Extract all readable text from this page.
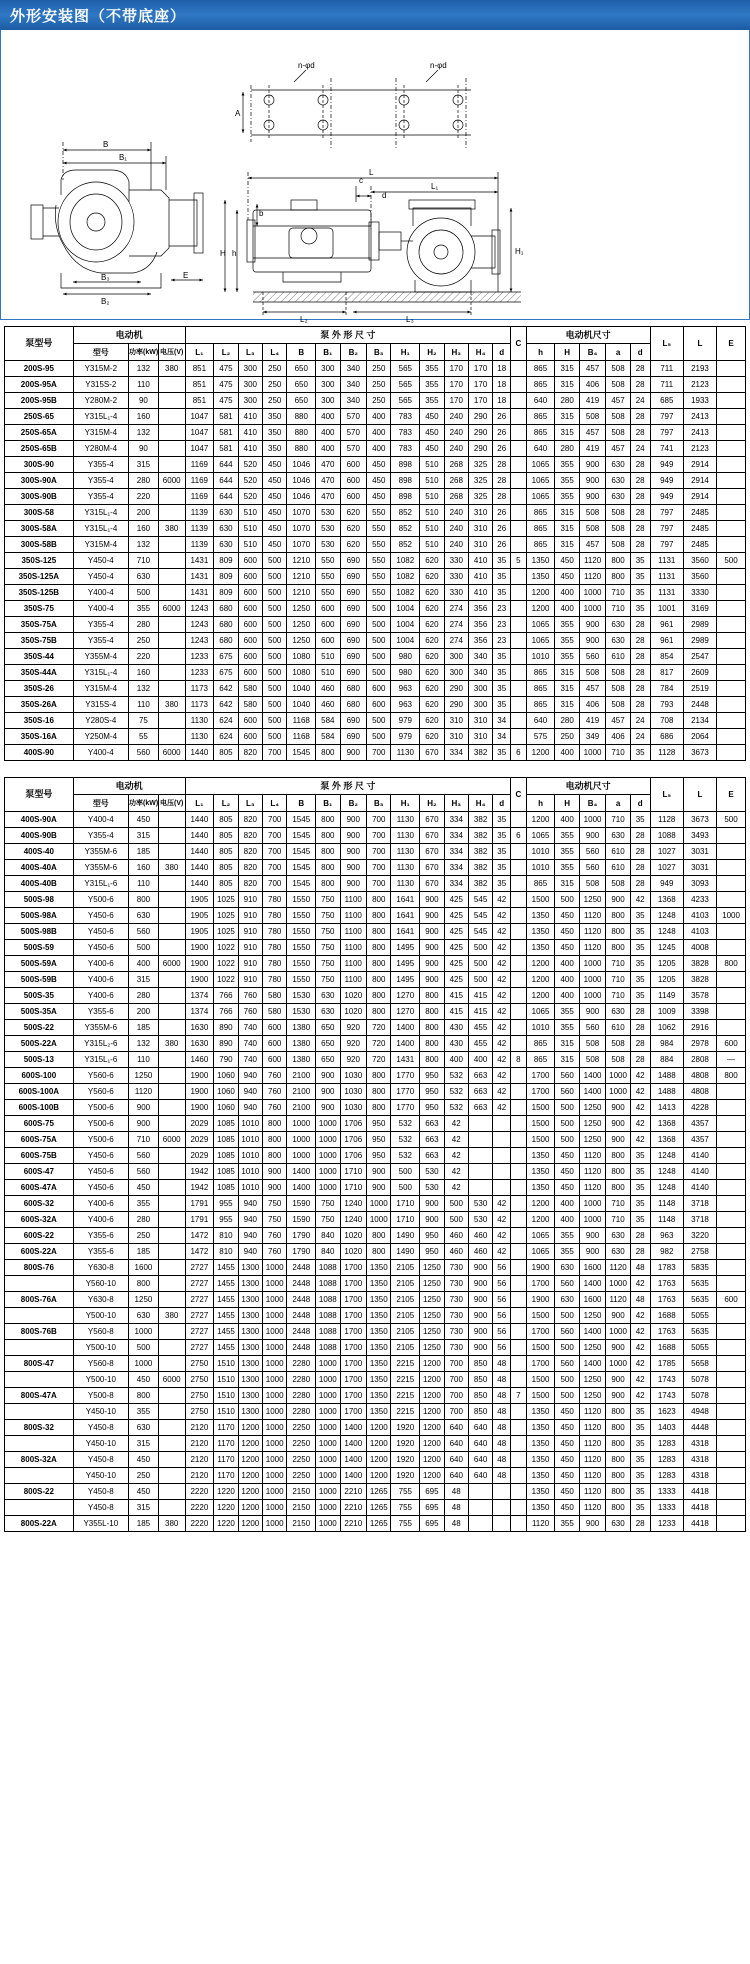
外形安装图（不带底座）
n-φd	n-φd
A
B
B₁
B₃
B₂
E
L
L₁
c
d
b
H h
L₂	L₃
H₁
泵型号	电动机			泵 外 形 尺 寸													C	电动机尺寸					L₅	L	E
	型号	功率(kW)	电压(V)	L₁	L₂	L₃	L₄	B	B₁	B₂	B₃	H₁	H₂	H₃	H₄	d		h	H	B₄	a	d			
200S-95	Y315M-2	132	380	851	475	300	250	650	300	340	250	565	355	170	170	18		865	315	457	508	28	711	2193	
200S-95A	Y315S-2	110		851	475	300	250	650	300	340	250	565	355	170	170	18		865	315	406	508	28	711	2123	
200S-95B	Y280M-2	90		851	475	300	250	650	300	340	250	565	355	170	170	18		640	280	419	457	24	685	1933	
250S-65	Y315L₁-4	160		1047	581	410	350	880	400	570	400	783	450	240	290	26		865	315	508	508	28	797	2413	
250S-65A	Y315M-4	132		1047	581	410	350	880	400	570	400	783	450	240	290	26		865	315	457	508	28	797	2413	
250S-65B	Y280M-4	90		1047	581	410	350	880	400	570	400	783	450	240	290	26		640	280	419	457	24	741	2123	
300S-90	Y355-4	315		1169	644	520	450	1046	470	600	450	898	510	268	325	28		1065	355	900	630	28	949	2914	
300S-90A	Y355-4	280	6000	1169	644	520	450	1046	470	600	450	898	510	268	325	28		1065	355	900	630	28	949	2914	
300S-90B	Y355-4	220		1169	644	520	450	1046	470	600	450	898	510	268	325	28		1065	355	900	630	28	949	2914	
300S-58	Y315L₁-4	200		1139	630	510	450	1070	530	620	550	852	510	240	310	26		865	315	508	508	28	797	2485	
300S-58A	Y315L₁-4	160	380	1139	630	510	450	1070	530	620	550	852	510	240	310	26		865	315	508	508	28	797	2485	
300S-58B	Y315M-4	132		1139	630	510	450	1070	530	620	550	852	510	240	310	26		865	315	457	508	28	797	2485	
350S-125	Y450-4	710		1431	809	600	500	1210	550	690	550	1082	620	330	410	35	5	1350	450	1120	800	35	1131	3560	500
350S-125A	Y450-4	630		1431	809	600	500	1210	550	690	550	1082	620	330	410	35		1350	450	1120	800	35	1131	3560	
350S-125B	Y400-4	500		1431	809	600	500	1210	550	690	550	1082	620	330	410	35		1200	400	1000	710	35	1131	3330	
350S-75	Y400-4	355	6000	1243	680	600	500	1250	600	690	500	1004	620	274	356	23		1200	400	1000	710	35	1001	3169	
350S-75A	Y355-4	280		1243	680	600	500	1250	600	690	500	1004	620	274	356	23		1065	355	900	630	28	961	2989	
350S-75B	Y355-4	250		1243	680	600	500	1250	600	690	500	1004	620	274	356	23		1065	355	900	630	28	961	2989	
350S-44	Y355M-4	220		1233	675	600	500	1080	510	690	500	980	620	300	340	35		1010	355	560	610	28	854	2547	
350S-44A	Y315L₁-4	160		1233	675	600	500	1080	510	690	500	980	620	300	340	35		865	315	508	508	28	817	2609	
350S-26	Y315M-4	132		1173	642	580	500	1040	460	680	600	963	620	290	300	35		865	315	457	508	28	784	2519	
350S-26A	Y315S-4	110	380	1173	642	580	500	1040	460	680	600	963	620	290	300	35		865	315	406	508	28	793	2448	
350S-16	Y280S-4	75		1130	624	600	500	1168	584	690	500	979	620	310	310	34		640	280	419	457	24	708	2134	
350S-16A	Y250M-4	55		1130	624	600	500	1168	584	690	500	979	620	310	310	34		575	250	349	406	24	686	2064	
400S-90	Y400-4	560	6000	1440	805	820	700	1545	800	900	700	1130	670	334	382	35	6	1200	400	1000	710	35	1128	3673	
泵型号	电动机			泵 外 形 尺 寸													C	电动机尺寸					L₅	L	E
	型号	功率(kW)	电压(V)	L₁	L₂	L₃	L₄	B	B₁	B₂	B₃	H₁	H₂	H₃	H₄	d		h	H	B₄	a	d			
400S-90A	Y400-4	450		1440	805	820	700	1545	800	900	700	1130	670	334	382	35		1200	400	1000	710	35	1128	3673	500
400S-90B	Y355-4	315		1440	805	820	700	1545	800	900	700	1130	670	334	382	35	6	1065	355	900	630	28	1088	3493	
400S-40	Y355M-6	185		1440	805	820	700	1545	800	900	700	1130	670	334	382	35		1010	355	560	610	28	1027	3031	
400S-40A	Y355M-6	160	380	1440	805	820	700	1545	800	900	700	1130	670	334	382	35		1010	355	560	610	28	1027	3031	
400S-40B	Y315L₁-6	110		1440	805	820	700	1545	800	900	700	1130	670	334	382	35		865	315	508	508	28	949	3093	
500S-98	Y500-6	800		1905	1025	910	780	1550	750	1100	800	1641	900	425	545	42		1500	500	1250	900	42	1368	4233	
500S-98A	Y450-6	630		1905	1025	910	780	1550	750	1100	800	1641	900	425	545	42		1350	450	1120	800	35	1248	4103	1000
500S-98B	Y450-6	560		1905	1025	910	780	1550	750	1100	800	1641	900	425	545	42		1350	450	1120	800	35	1248	4103	
500S-59	Y450-6	500		1900	1022	910	780	1550	750	1100	800	1495	900	425	500	42		1350	450	1120	800	35	1245	4008	
500S-59A	Y400-6	400	6000	1900	1022	910	780	1550	750	1100	800	1495	900	425	500	42		1200	400	1000	710	35	1205	3828	800
500S-59B	Y400-6	315		1900	1022	910	780	1550	750	1100	800	1495	900	425	500	42		1200	400	1000	710	35	1205	3828	
500S-35	Y400-6	280		1374	766	760	580	1530	630	1020	800	1270	800	415	415	42		1200	400	1000	710	35	1149	3578	
500S-35A	Y355-6	200		1374	766	760	580	1530	630	1020	800	1270	800	415	415	42		1065	355	900	630	28	1009	3398	
500S-22	Y355M-6	185		1630	890	740	600	1380	650	920	720	1400	800	430	455	42		1010	355	560	610	28	1062	2916	
500S-22A	Y315L₂-6	132	380	1630	890	740	600	1380	650	920	720	1400	800	430	455	42		865	315	508	508	28	984	2978	600
500S-13	Y315L₁-6	110		1460	790	740	600	1380	650	920	720	1431	800	400	400	42	8	865	315	508	508	28	884	2808	—
600S-100	Y560-6	1250		1900	1060	940	760	2100	900	1030	800	1770	950	532	663	42		1700	560	1400	1000	42	1488	4808	800
600S-100A	Y560-6	1120		1900	1060	940	760	2100	900	1030	800	1770	950	532	663	42		1700	560	1400	1000	42	1488	4808	
600S-100B	Y500-6	900		1900	1060	940	760	2100	900	1030	800	1770	950	532	663	42		1500	500	1250	900	42	1413	4228	
600S-75	Y500-6	900		2029	1085	1010	800	1000	1000	1706	950	532	663	42				1500	500	1250	900	42	1368	4357	
600S-75A	Y500-6	710	6000	2029	1085	1010	800	1000	1000	1706	950	532	663	42				1500	500	1250	900	42	1368	4357	
600S-75B	Y450-6	560		2029	1085	1010	800	1000	1000	1706	950	532	663	42				1350	450	1120	800	35	1248	4140	
600S-47	Y450-6	560		1942	1085	1010	900	1400	1000	1710	900	500	530	42				1350	450	1120	800	35	1248	4140	
600S-47A	Y450-6	450		1942	1085	1010	900	1400	1000	1710	900	500	530	42				1350	450	1120	800	35	1248	4140	
600S-32	Y400-6	355		1791	955	940	750	1590	750	1240	1000	1710	900	500	530	42		1200	400	1000	710	35	1148	3718	
600S-32A	Y400-6	280		1791	955	940	750	1590	750	1240	1000	1710	900	500	530	42		1200	400	1000	710	35	1148	3718	
600S-22	Y355-6	250		1472	810	940	760	1790	840	1020	800	1490	950	460	460	42		1065	355	900	630	28	963	3220	
600S-22A	Y355-6	185		1472	810	940	760	1790	840	1020	800	1490	950	460	460	42		1065	355	900	630	28	982	2758	
800S-76	Y630-8	1600		2727	1455	1300	1000	2448	1088	1700	1350	2105	1250	730	900	56		1900	630	1600	1120	48	1783	5835	
	Y560-10	800		2727	1455	1300	1000	2448	1088	1700	1350	2105	1250	730	900	56		1700	560	1400	1000	42	1763	5635	
800S-76A	Y630-8	1250		2727	1455	1300	1000	2448	1088	1700	1350	2105	1250	730	900	56		1900	630	1600	1120	48	1763	5635	600
	Y500-10	630	380	2727	1455	1300	1000	2448	1088	1700	1350	2105	1250	730	900	56		1500	500	1250	900	42	1688	5055	
800S-76B	Y560-8	1000		2727	1455	1300	1000	2448	1088	1700	1350	2105	1250	730	900	56		1700	560	1400	1000	42	1763	5635	
	Y500-10	500		2727	1455	1300	1000	2448	1088	1700	1350	2105	1250	730	900	56		1500	500	1250	900	42	1688	5055	
800S-47	Y560-8	1000		2750	1510	1300	1000	2280	1000	1700	1350	2215	1200	700	850	48		1700	560	1400	1000	42	1785	5658	
	Y500-10	450	6000	2750	1510	1300	1000	2280	1000	1700	1350	2215	1200	700	850	48		1500	500	1250	900	42	1743	5078	
800S-47A	Y500-8	800		2750	1510	1300	1000	2280	1000	1700	1350	2215	1200	700	850	48	7	1500	500	1250	900	42	1743	5078	
	Y450-10	355		2750	1510	1300	1000	2280	1000	1700	1350	2215	1200	700	850	48		1350	450	1120	800	35	1623	4948	
800S-32	Y450-8	630		2120	1170	1200	1000	2250	1000	1400	1200	1920	1200	640	640	48		1350	450	1120	800	35	1403	4448	
	Y450-10	315		2120	1170	1200	1000	2250	1000	1400	1200	1920	1200	640	640	48		1350	450	1120	800	35	1283	4318	
800S-32A	Y450-8	450		2120	1170	1200	1000	2250	1000	1400	1200	1920	1200	640	640	48		1350	450	1120	800	35	1283	4318	
	Y450-10	250		2120	1170	1200	1000	2250	1000	1400	1200	1920	1200	640	640	48		1350	450	1120	800	35	1283	4318	
800S-22	Y450-8	450		2220	1220	1200	1000	2150	1000	2210	1265	755	695	48				1350	450	1120	800	35	1333	4418	
	Y450-8	315		2220	1220	1200	1000	2150	1000	2210	1265	755	695	48				1350	450	1120	800	35	1333	4418	
800S-22A	Y355L-10	185	380	2220	1220	1200	1000	2150	1000	2210	1265	755	695	48				1120	355	900	630	28	1233	4418	
